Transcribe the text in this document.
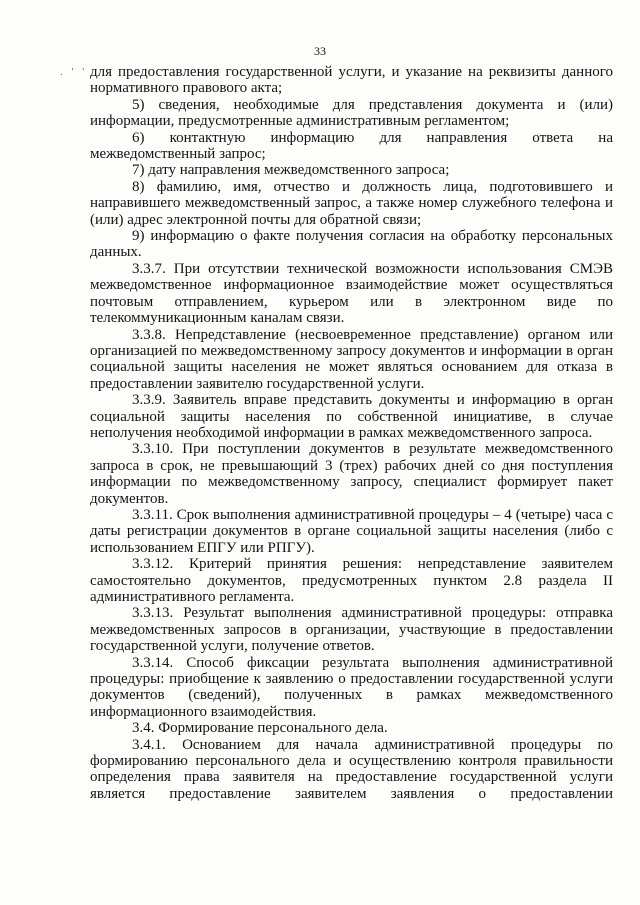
33
. ' ' для предоставления государственной услуги, и указание на реквизиты данного нормативного правового акта;

5) сведения, необходимые для представления документа и (или) информации, предусмотренные административным регламентом;

6) контактную информацию для направления ответа на межведомственный запрос;

7) дату направления межведомственного запроса;

8) фамилию, имя, отчество и должность лица, подготовившего и направившего межведомственный запрос, а также номер служебного телефона и (или) адрес электронной почты для обратной связи;

9) информацию о факте получения согласия на обработку персональных данных.

3.3.7. При отсутствии технической возможности использования СМЭВ межведомственное информационное взаимодействие может осуществляться почтовым отправлением, курьером или в электронном виде по телекоммуникационным каналам связи.

3.3.8. Непредставление (несвоевременное представление) органом или организацией по межведомственному запросу документов и информации в орган социальной защиты населения не может являться основанием для отказа в предоставлении заявителю государственной услуги.

3.3.9. Заявитель вправе представить документы и информацию в орган социальной защиты населения по собственной инициативе, в случае неполучения необходимой информации в рамках межведомственного запроса.

3.3.10. При поступлении документов в результате межведомственного запроса в срок, не превышающий 3 (трех) рабочих дней со дня поступления информации по межведомственному запросу, специалист формирует пакет документов.

3.3.11. Срок выполнения административной процедуры – 4 (четыре) часа с даты регистрации документов в органе социальной защиты населения (либо с использованием ЕПГУ или РПГУ).

3.3.12. Критерий принятия решения: непредставление заявителем самостоятельно документов, предусмотренных пунктом 2.8 раздела II административного регламента.

3.3.13. Результат выполнения административной процедуры: отправка межведомственных запросов в организации, участвующие в предоставлении государственной услуги, получение ответов.

3.3.14. Способ фиксации результата выполнения административной процедуры: приобщение к заявлению о предоставлении государственной услуги документов (сведений), полученных в рамках межведомственного информационного взаимодействия.

3.4. Формирование персонального дела.

3.4.1. Основанием для начала административной процедуры по формированию персонального дела и осуществлению контроля правильности определения права заявителя на предоставление государственной услуги является предоставление заявителем заявления о предоставлении
